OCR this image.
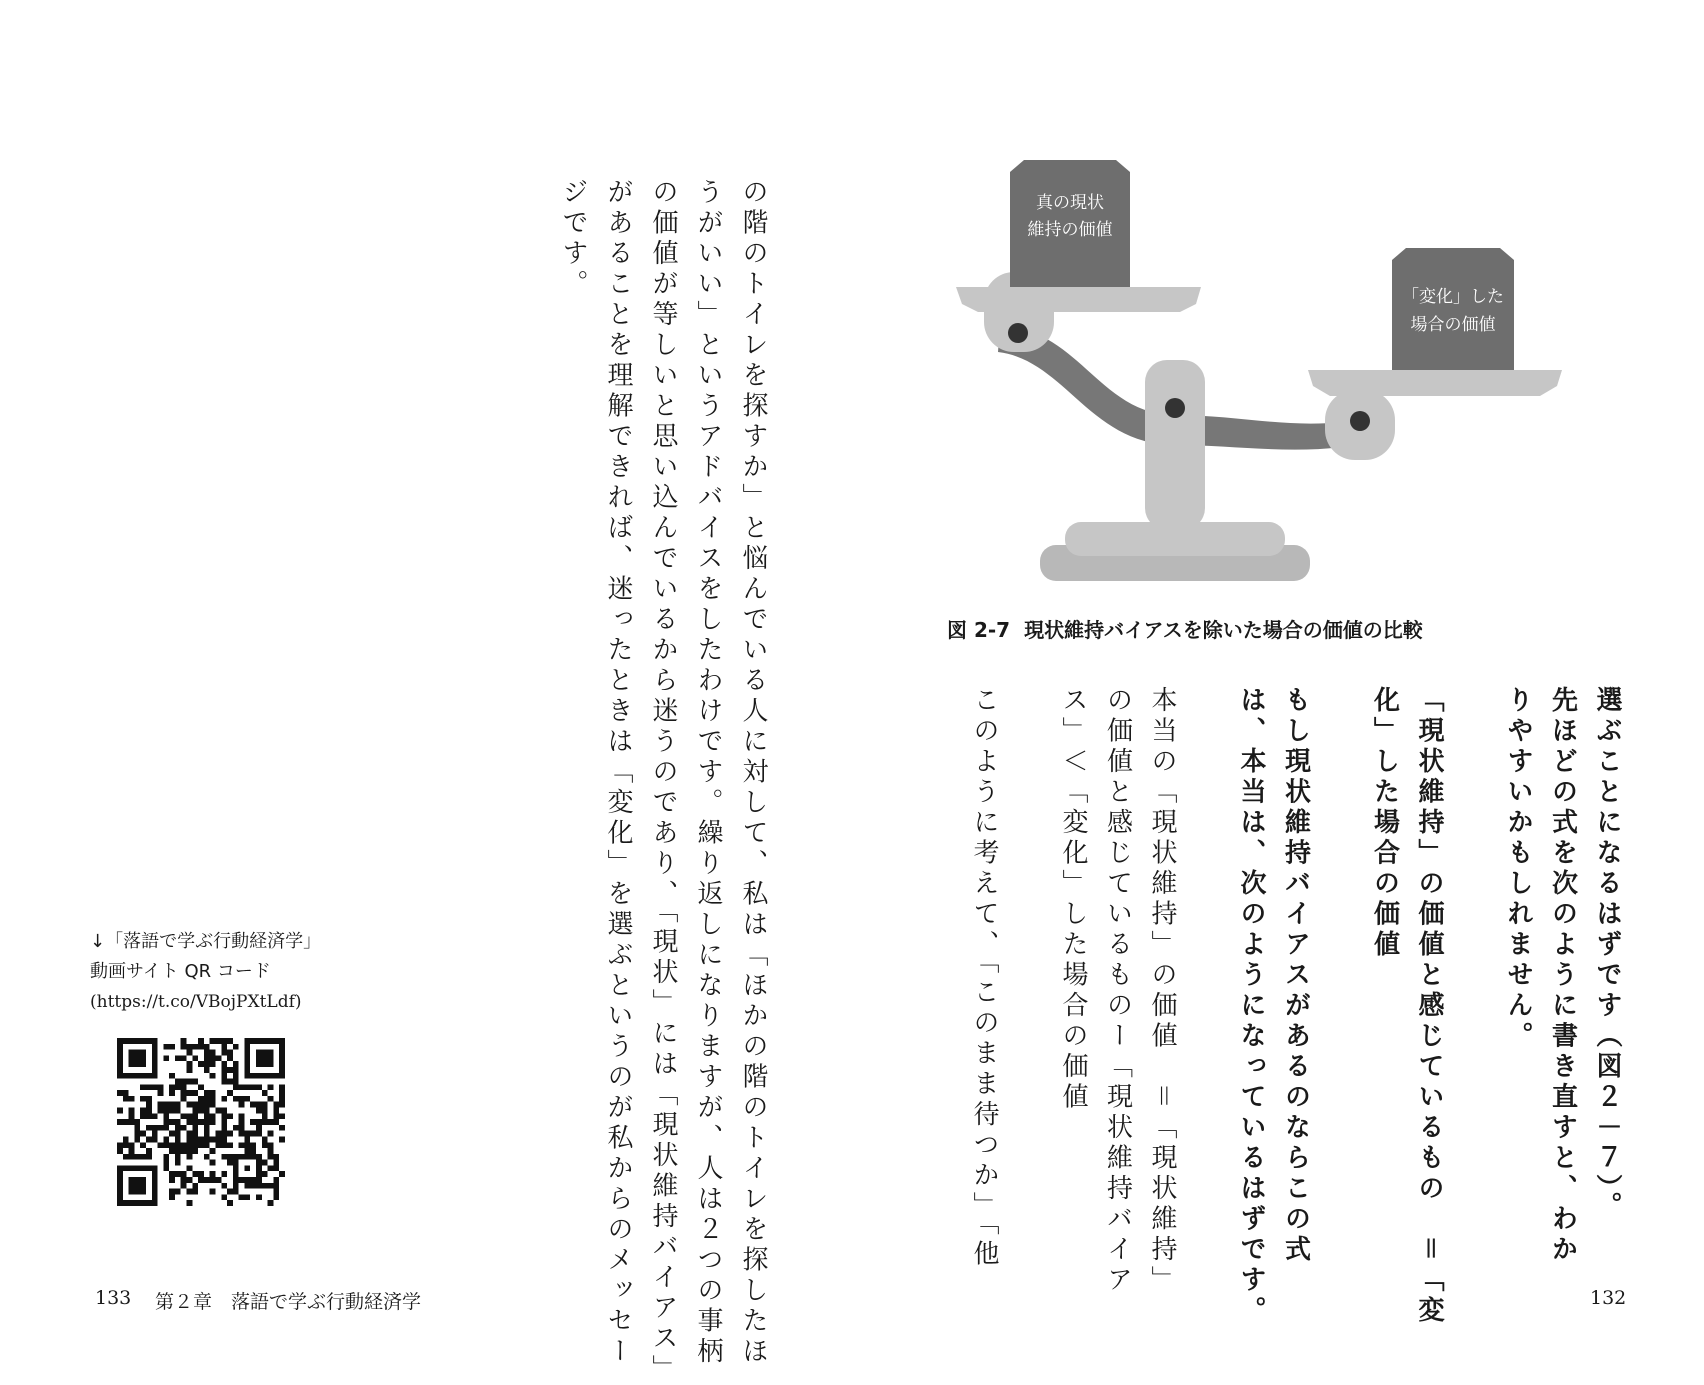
の階のトイレを探すか」と悩んでいる人に対して、私は「ほかの階のトイレを探したほ
うがいい」というアドバイスをしたわけです。繰り返しになりますが、人は２つの事柄
の価値が等しいと思い込んでいるから迷うのであり、「現状」には「現状維持バイアス」
があることを理解できれば、迷ったときは「変化」を選ぶというのが私からのメッセー
ジです。
↓「落語で学ぶ行動経済学」
動画サイト QR コード
(https://t.co/VBojPXtLdf)
133 第２章　落語で学ぶ行動経済学
真の現状
維持の価値
「変化」した
場合の価値
図 2-7 現状維持バイアスを除いた場合の価値の比較
選ぶことになるはずです（図２－７）。
先ほどの式を次のように書き直すと、わか
りやすいかもしれません。
「現状維持」の価値と感じているもの　＝「変
化」した場合の価値
もし現状維持バイアスがあるのならこの式
は、本当は、次のようになっているはずです。
本当の「現状維持」の価値　＝「現状維持」
の価値と感じているものー「現状維持バイア
ス」＜「変化」した場合の価値
このように考えて、「このまま待つか」「他
132
